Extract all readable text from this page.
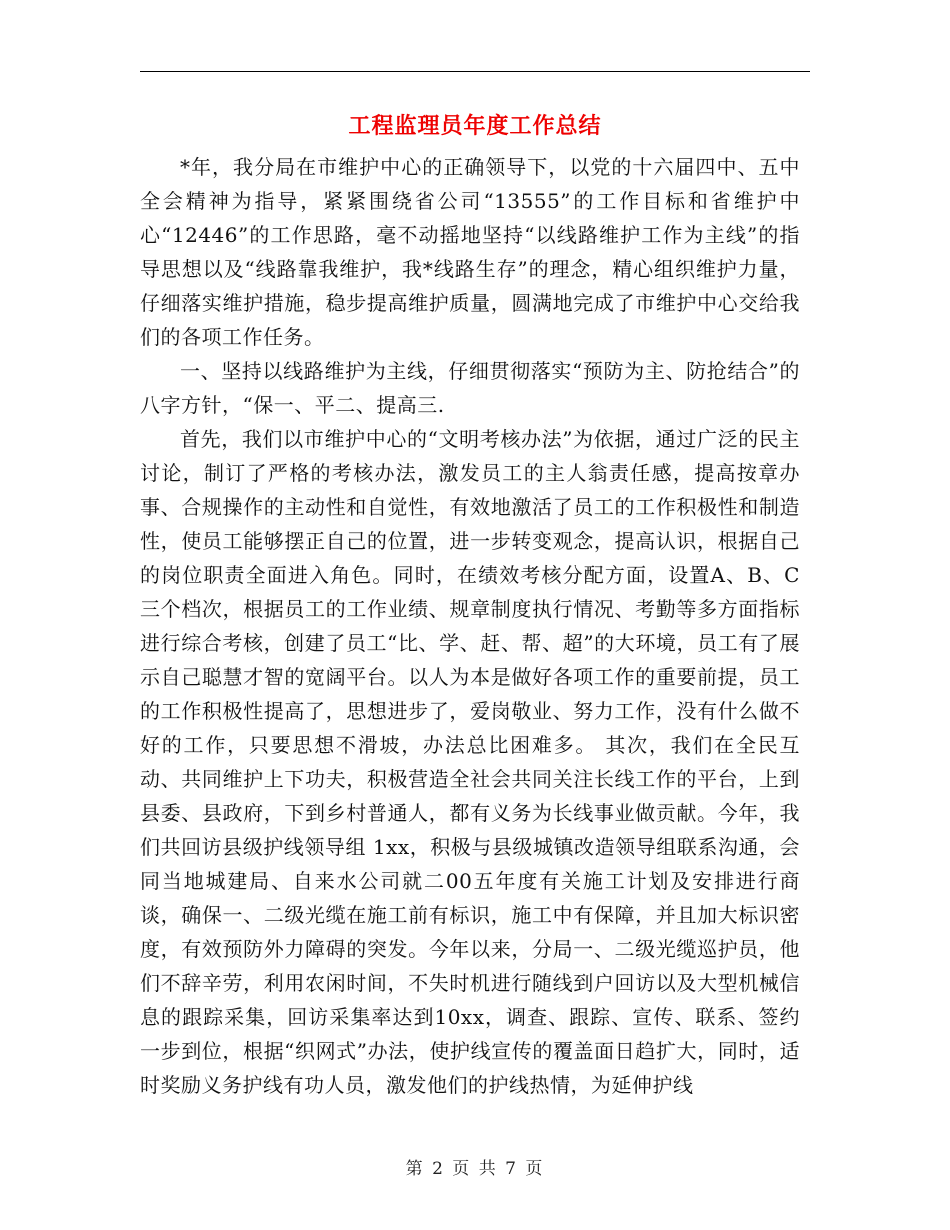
工程监理员年度工作总结

*年，我分局在市维护中心的正确领导下，以党的十六届四中、五中全会精神为指导，紧紧围绕省公司“13555”的工作目标和省维护中心“12446”的工作思路，毫不动摇地坚持“以线路维护工作为主线”的指导思想以及“线路靠我维护，我*线路生存”的理念，精心组织维护力量，仔细落实维护措施，稳步提高维护质量，圆满地完成了市维护中心交给我们的各项工作任务。

一、坚持以线路维护为主线，仔细贯彻落实“预防为主、防抢结合”的八字方针，“保一、平二、提高三.

首先，我们以市维护中心的“文明考核办法”为依据，通过广泛的民主讨论，制订了严格的考核办法，激发员工的主人翁责任感，提高按章办事、合规操作的主动性和自觉性，有效地激活了员工的工作积极性和制造性，使员工能够摆正自己的位置，进一步转变观念，提高认识，根据自己的岗位职责全面进入角色。同时，在绩效考核分配方面，设置A、B、C三个档次，根据员工的工作业绩、规章制度执行情况、考勤等多方面指标进行综合考核，创建了员工“比、学、赶、帮、超”的大环境，员工有了展示自己聪慧才智的宽阔平台。以人为本是做好各项工作的重要前提，员工的工作积极性提高了，思想进步了，爱岗敬业、努力工作，没有什么做不好的工作，只要思想不滑坡，办法总比困难多。 其次，我们在全民互动、共同维护上下功夫，积极营造全社会共同关注长线工作的平台，上到县委、县政府，下到乡村普通人，都有义务为长线事业做贡献。今年，我们共回访县级护线领导组 1xx，积极与县级城镇改造领导组联系沟通，会同当地城建局、自来水公司就二00五年度有关施工计划及安排进行商谈，确保一、二级光缆在施工前有标识，施工中有保障，并且加大标识密度，有效预防外力障碍的突发。今年以来，分局一、二级光缆巡护员，他们不辞辛劳，利用农闲时间，不失时机进行随线到户回访以及大型机械信息的跟踪采集，回访采集率达到10xx，调查、跟踪、宣传、联系、签约一步到位，根据“织网式”办法，使护线宣传的覆盖面日趋扩大，同时，适时奖励义务护线有功人员，激发他们的护线热情，为延伸护线

第 2 页 共 7 页
